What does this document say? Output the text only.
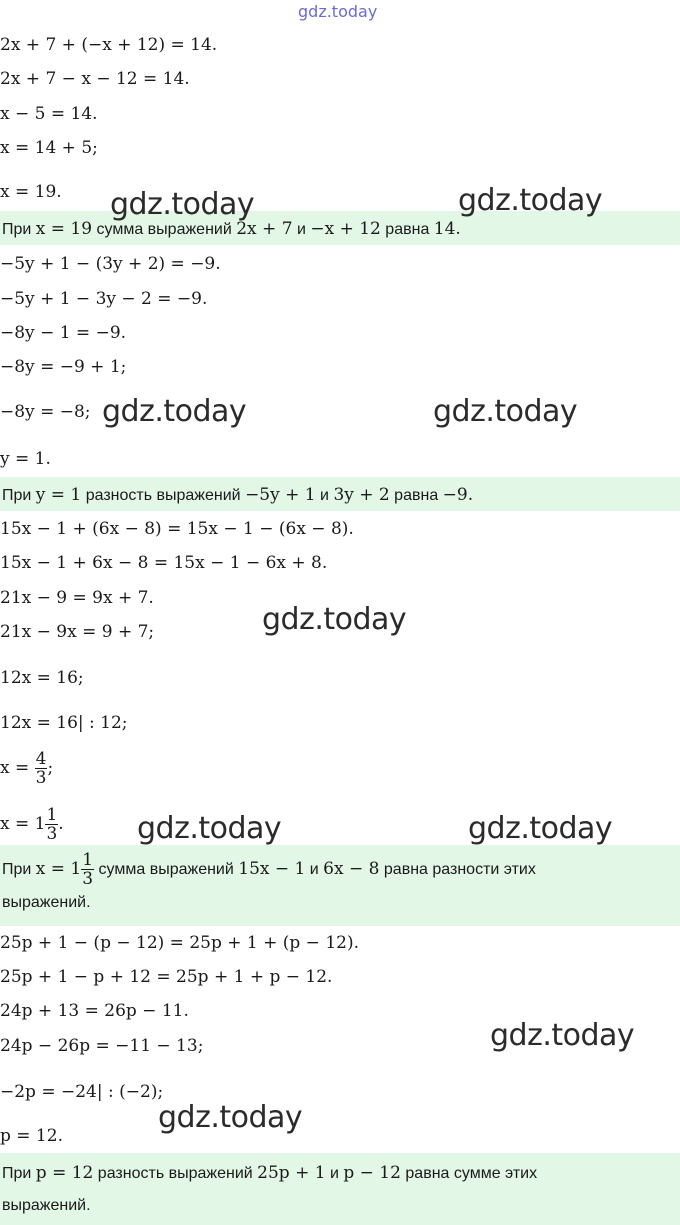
gdz.today
2x + 7 + (−x + 12) = 14.
2x + 7 − x − 12 = 14.
x − 5 = 14.
x = 14 + 5;
x = 19.
При x = 19 сумма выражений 2x + 7 и −x + 12 равна 14.
−5y + 1 − (3y + 2) = −9.
−5y + 1 − 3y − 2 = −9.
−8y − 1 = −9.
−8y = −9 + 1;
−8y = −8;
y = 1.
При y = 1 разность выражений −5y + 1 и 3y + 2 равна −9.
15x − 1 + (6x − 8) = 15x − 1 − (6x − 8).
15x − 1 + 6x − 8 = 15x − 1 − 6x + 8.
21x − 9 = 9x + 7.
21x − 9x = 9 + 7;
12x = 16;
12x = 16| : 12;
$x = \frac{4}{3}$ ;
$x = 1 \frac{1}{3}$ .
При $x = 1 \frac{1}{3}$ сумма выражений 15x − 1 и 6x − 8 равна разности этих
выражений.
25p + 1 − (p − 12) = 25p + 1 + (p − 12).
25p + 1 − p + 12 = 25p + 1 + p − 12.
24p + 13 = 26p − 11.
24p − 26p = −11 − 13;
−2p = −24| : (−2);
p = 12.
При p = 12 разность выражений 25p + 1 и p − 12 равна сумме этих
выражений.
gdz.today	gdz.today
gdz.today	gdz.today
gdz.today
gdz.today	gdz.today
gdz.today
gdz.today
